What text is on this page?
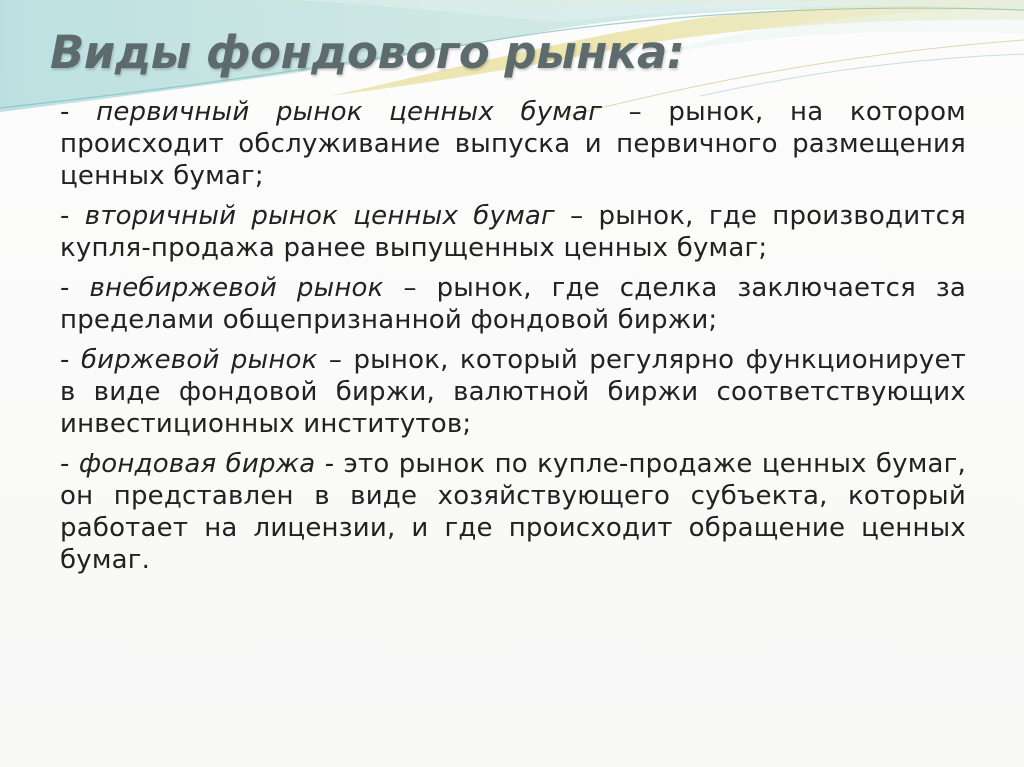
Виды фондового рынка:

- первичный рынок ценных бумаг – рынок, на котором происходит обслуживание выпуска и первичного размещения ценных бумаг;

- вторичный рынок ценных бумаг – рынок, где производится купля-продажа ранее выпущенных ценных бумаг;

- внебиржевой рынок – рынок, где сделка заключается за пределами общепризнанной фондовой биржи;

- биржевой рынок – рынок, который регулярно функционирует в виде фондовой биржи, валютной биржи соответствующих инвестиционных институтов;

- фондовая биржа - это рынок по купле-продаже ценных бумаг, он представлен в виде хозяйствующего субъекта, который работает на лицензии, и где происходит обращение ценных бумаг.
